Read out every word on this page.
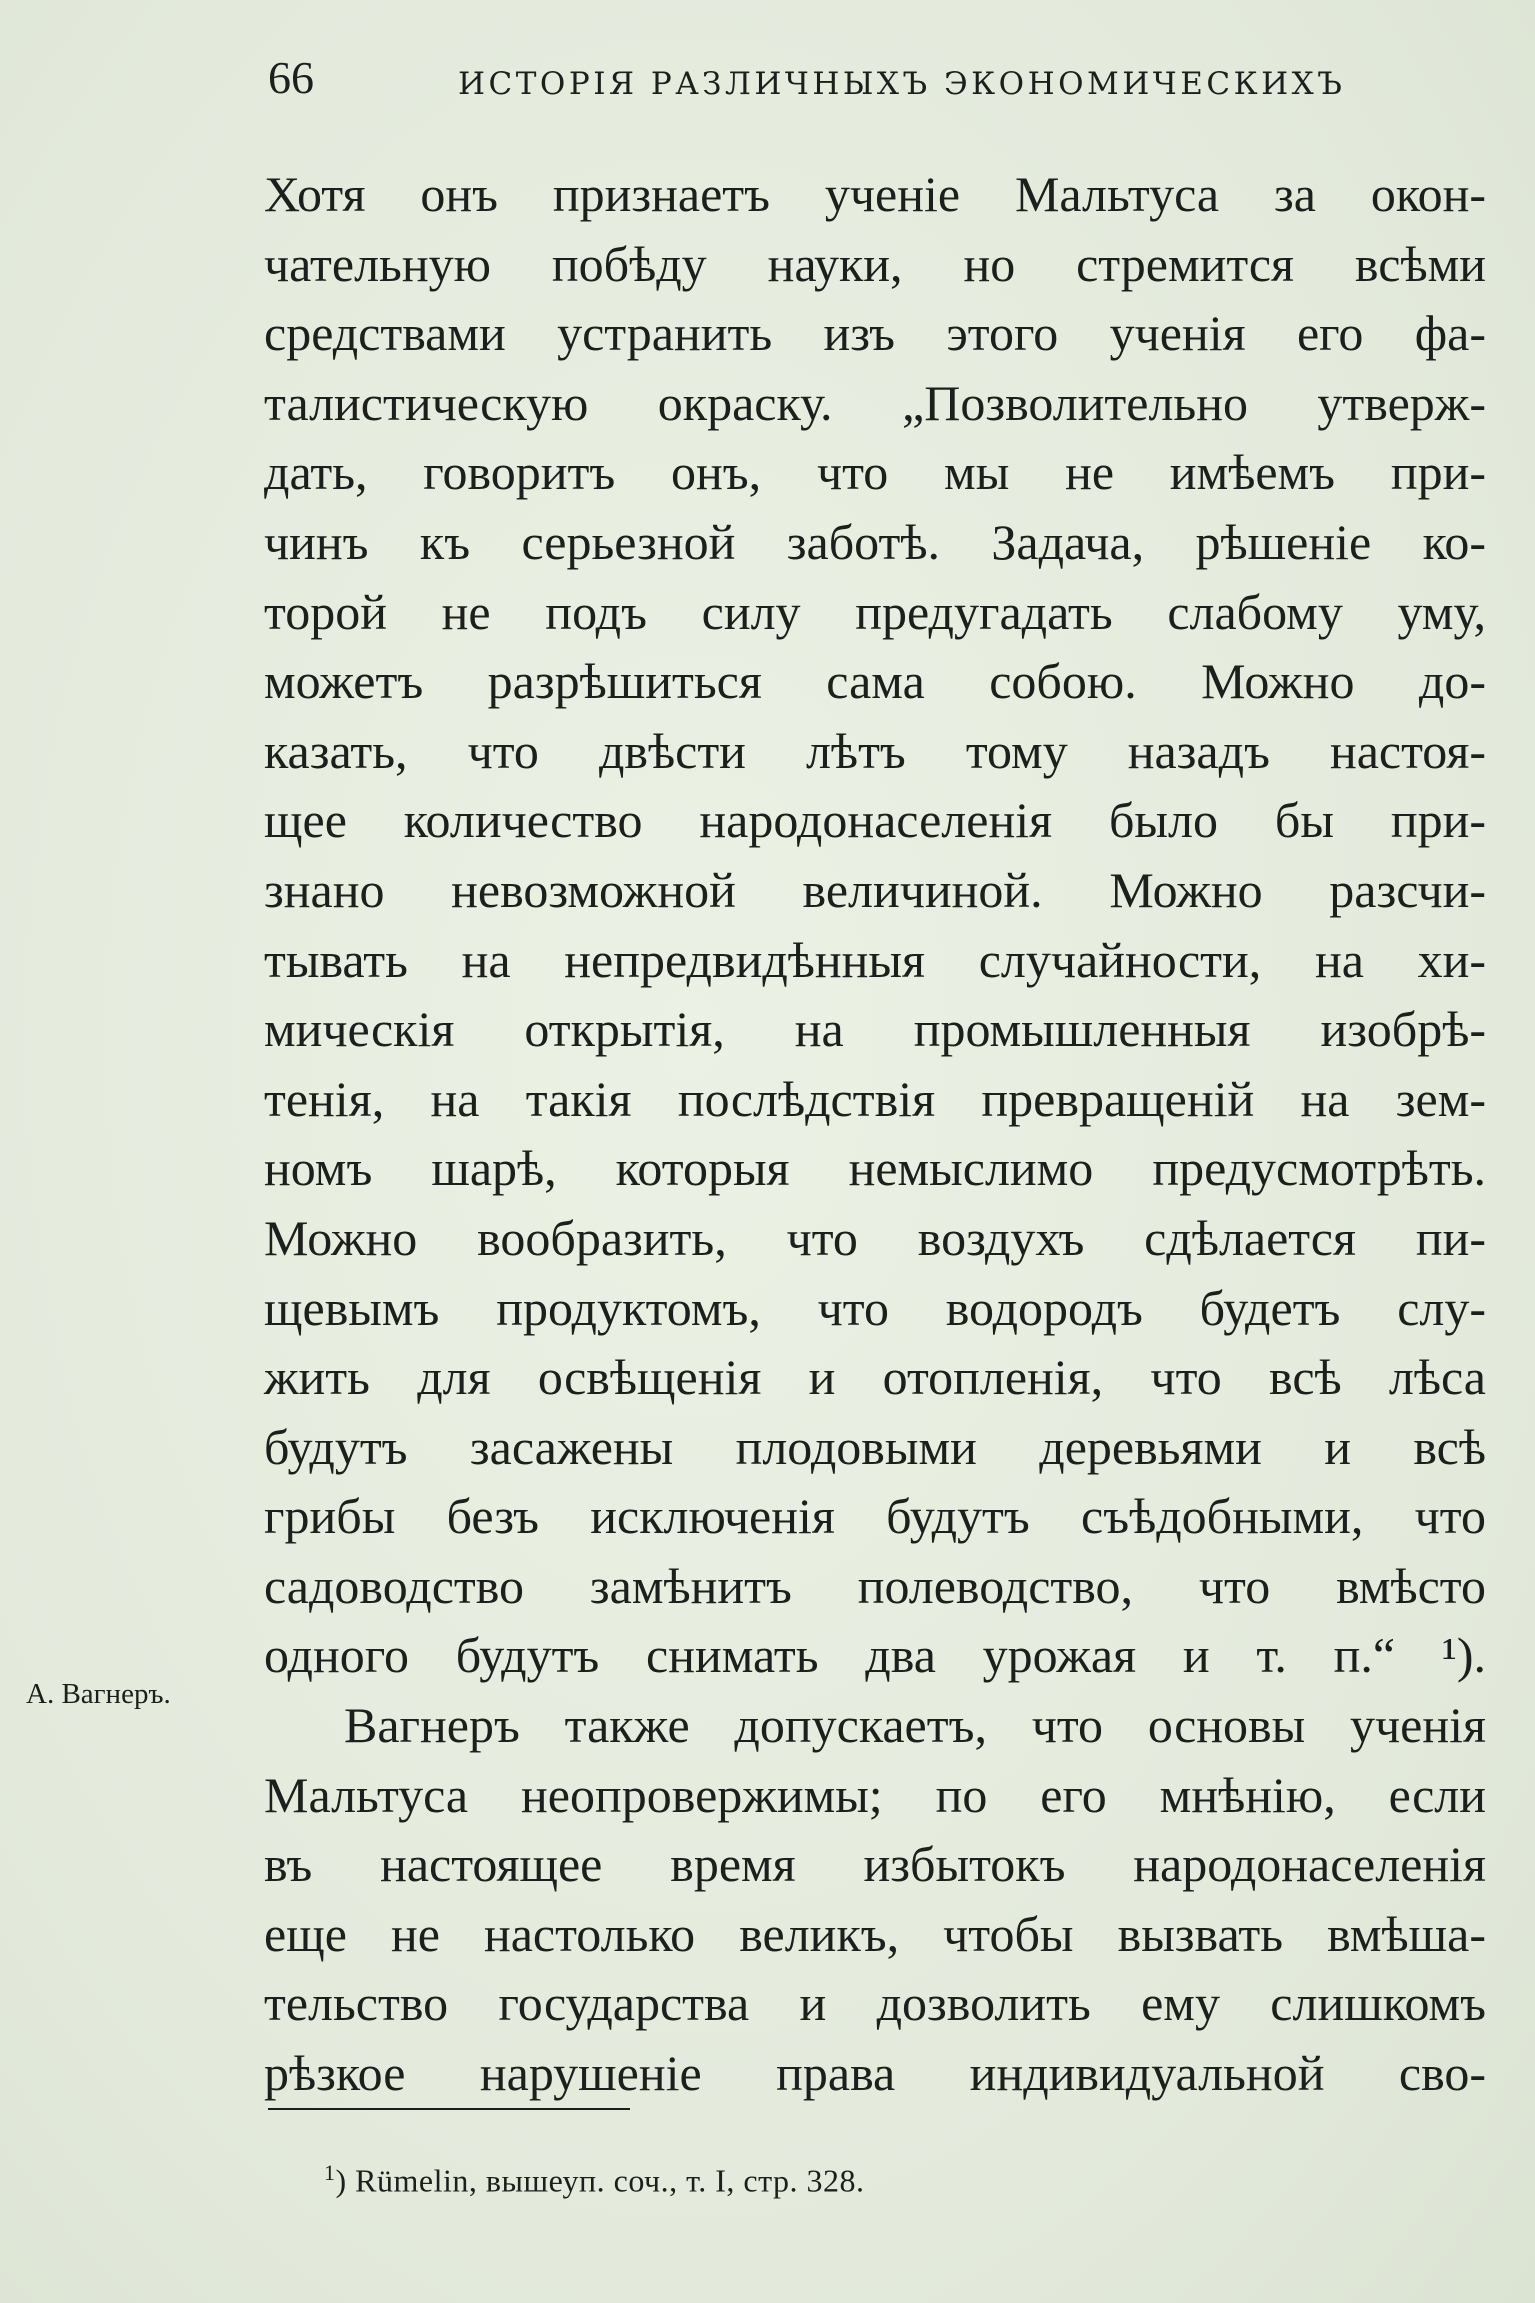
66	ИСТОРІЯ РАЗЛИЧНЫХЪ ЭКОНОМИЧЕСКИХЪ
А. Вагнеръ.
Хотя онъ признаетъ ученіе Мальтуса за окон-
чательную побѣду науки, но стремится всѣми
средствами устранить изъ этого ученія его фа-
талистическую окраску. „Позволительно утверж-
дать, говоритъ онъ, что мы не имѣемъ при-
чинъ къ серьезной заботѣ. Задача, рѣшеніе ко-
торой не подъ силу предугадать слабому уму,
можетъ разрѣшиться сама собою. Можно до-
казать, что двѣсти лѣтъ тому назадъ настоя-
щее количество народонаселенія было бы при-
знано невозможной величиной. Можно разсчи-
тывать на непредвидѣнныя случайности, на хи-
мическія открытія, на промышленныя изобрѣ-
тенія, на такія послѣдствія превращеній на зем-
номъ шарѣ, которыя немыслимо предусмотрѣть.
Можно вообразить, что воздухъ сдѣлается пи-
щевымъ продуктомъ, что водородъ будетъ слу-
жить для освѣщенія и отопленія, что всѣ лѣса
будутъ засажены плодовыми деревьями и всѣ
грибы безъ исключенія будутъ съѣдобными, что
садоводство замѣнитъ полеводство, что вмѣсто
одного будутъ снимать два урожая и т. п.“ ¹).
Вагнеръ также допускаетъ, что основы ученія
Мальтуса неопровержимы; по его мнѣнію, если
въ настоящее время избытокъ народонаселенія
еще не настолько великъ, чтобы вызвать вмѣша-
тельство государства и дозволить ему слишкомъ
рѣзкое нарушеніе права индивидуальной сво-
$^1$) Rümelin, вышеуп. соч., т. I, стр. 328.
